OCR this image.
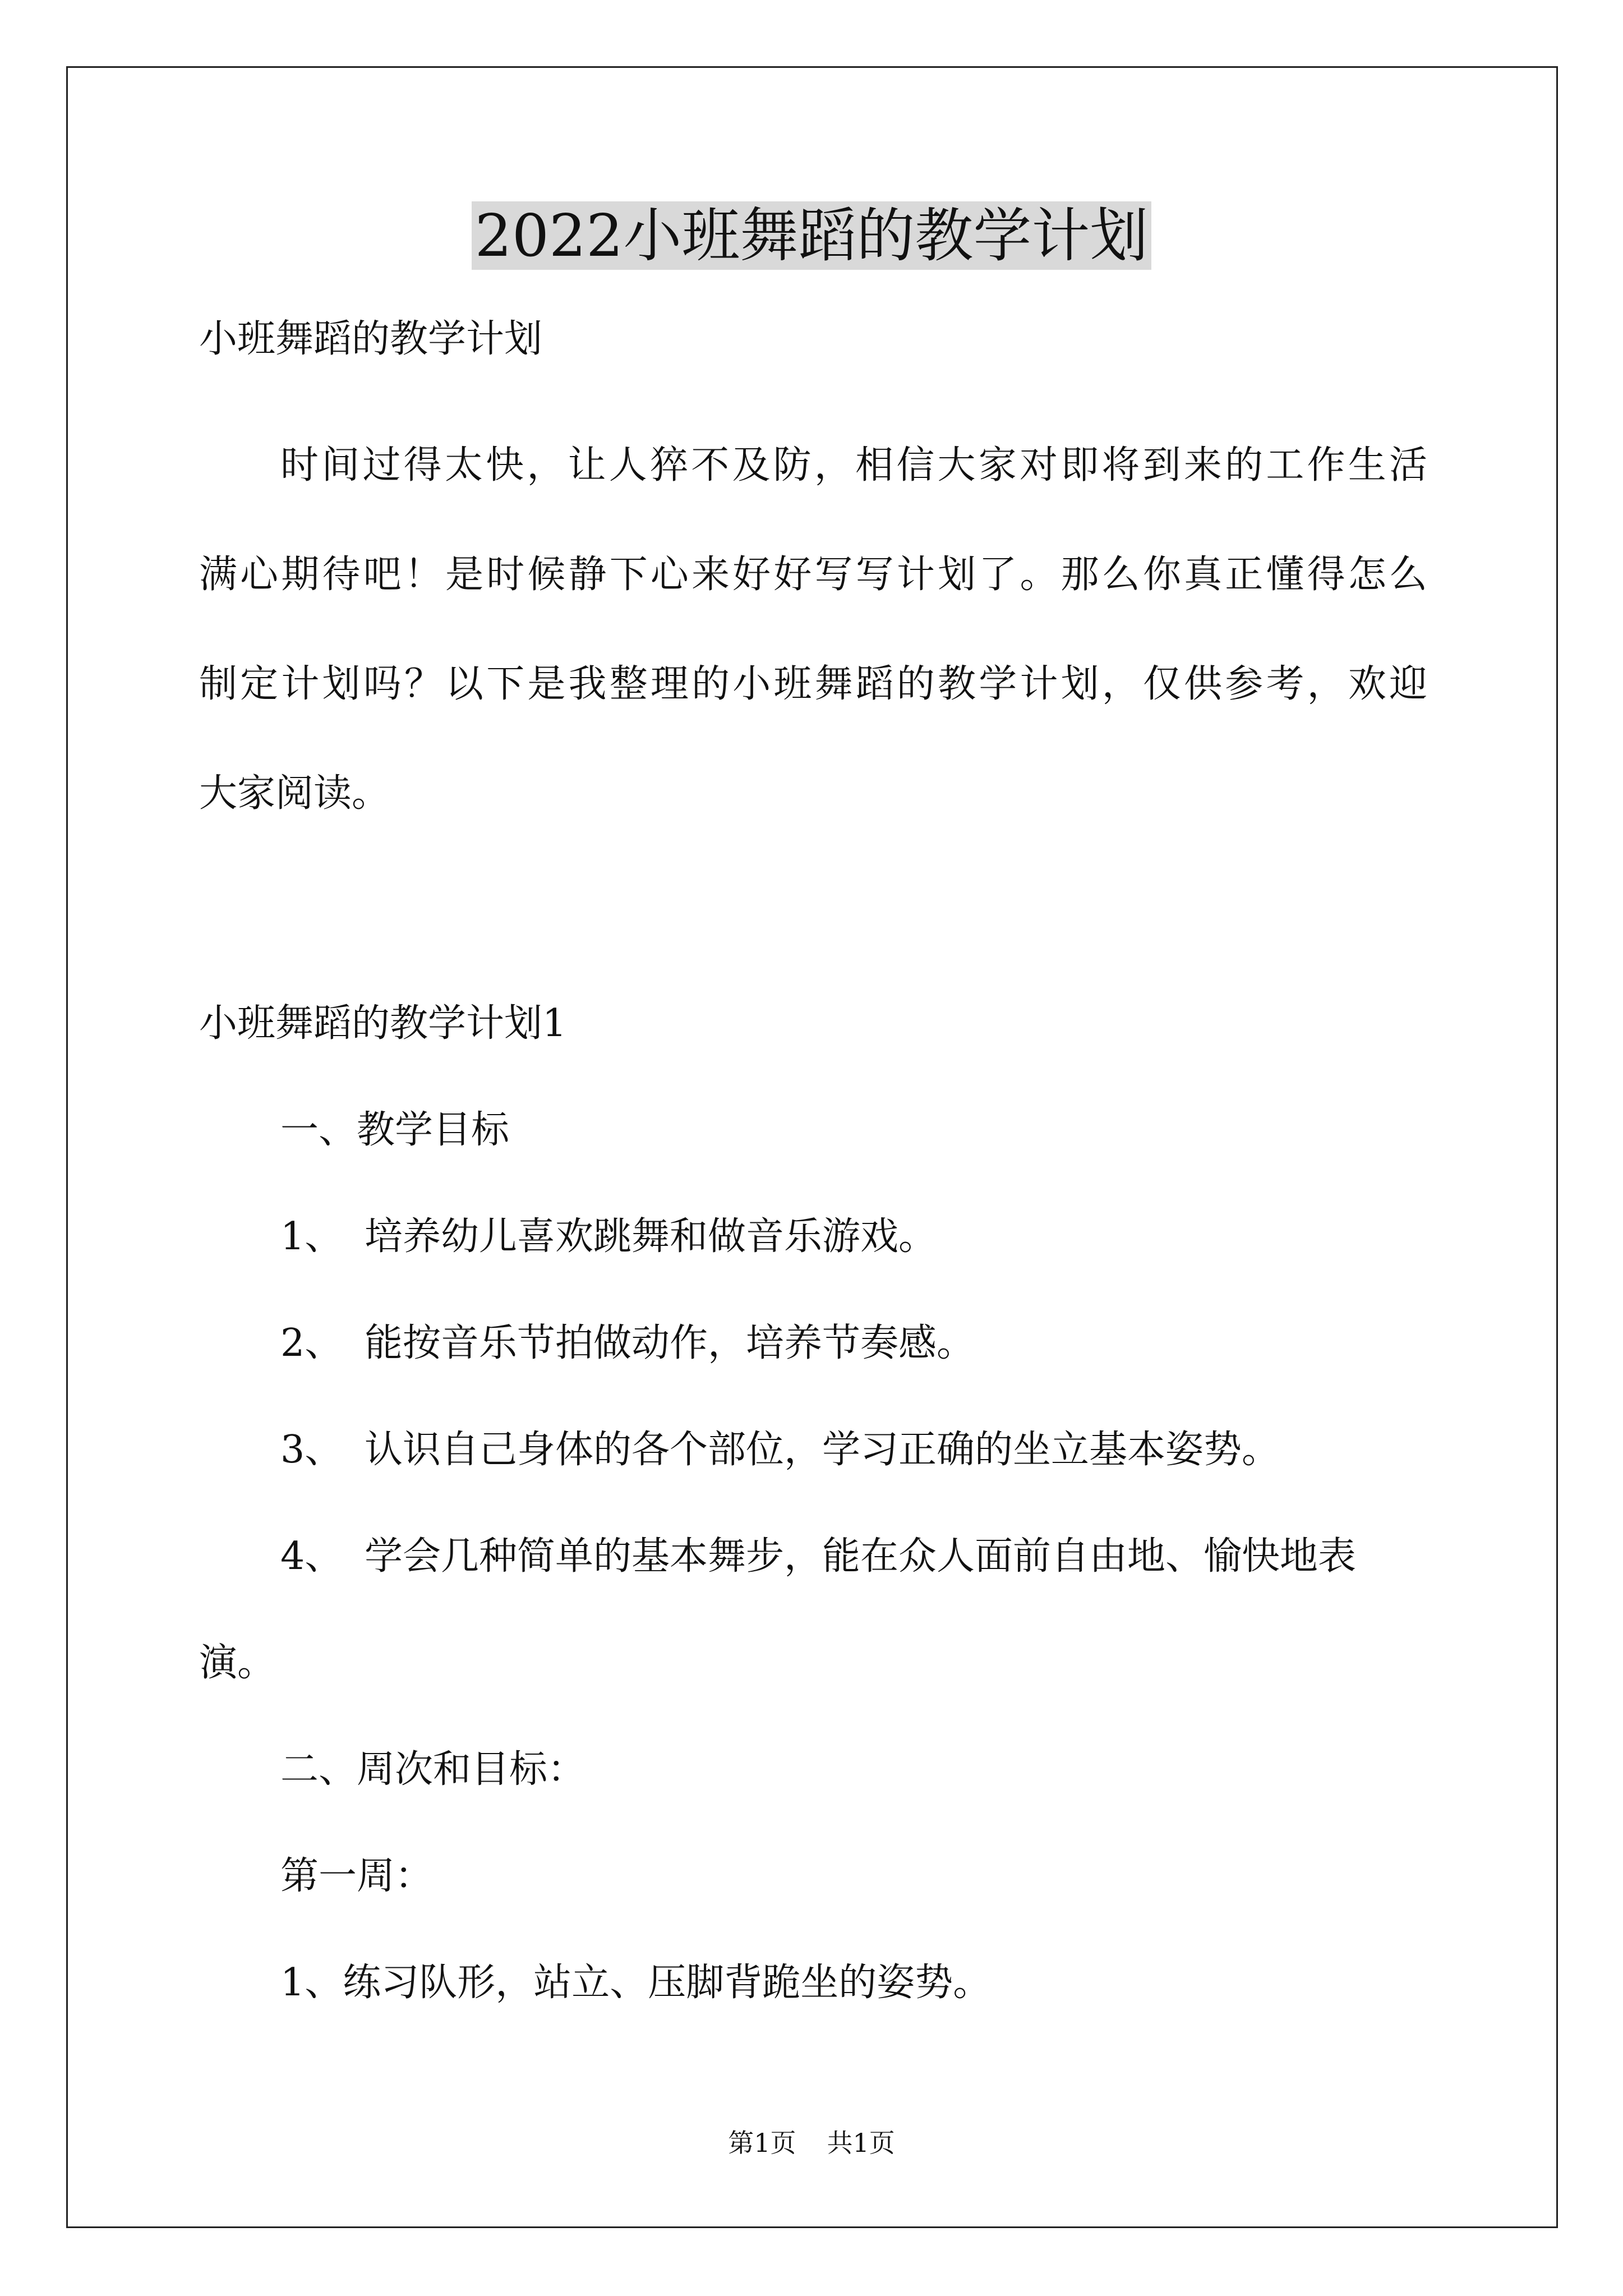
2022小班舞蹈的教学计划
小班舞蹈的教学计划
时间过得太快，让人猝不及防，相信大家对即将到来的工作生活
满心期待吧！是时候静下心来好好写写计划了。那么你真正懂得怎么
制定计划吗？以下是我整理的小班舞蹈的教学计划，仅供参考，欢迎
大家阅读。
小班舞蹈的教学计划1
一、教学目标
1、 培养幼儿喜欢跳舞和做音乐游戏。
2、 能按音乐节拍做动作，培养节奏感。
3、 认识自己身体的各个部位，学习正确的坐立基本姿势。
4、 学会几种简单的基本舞步，能在众人面前自由地、愉快地表
演。
二、周次和目标：
第一周：
1、练习队形，站立、压脚背跪坐的姿势。
第1页 共1页
